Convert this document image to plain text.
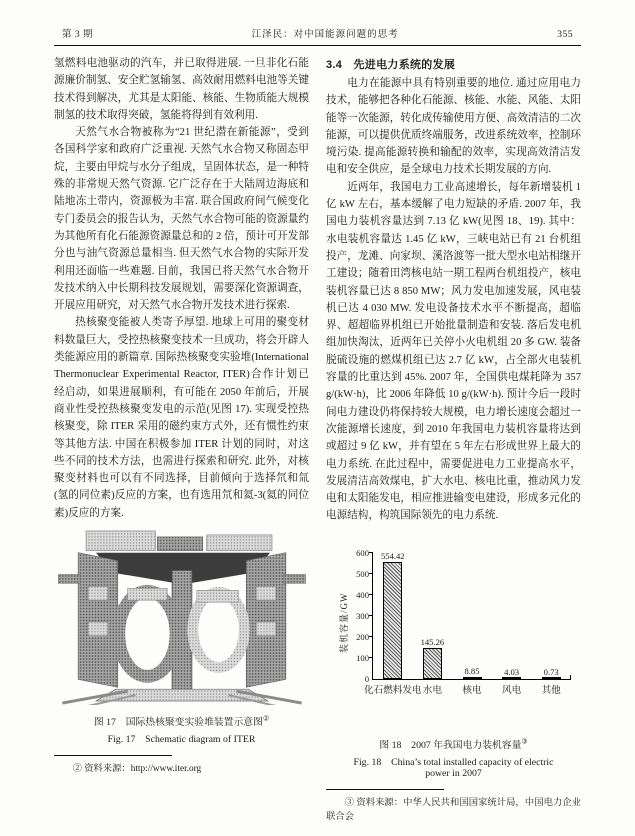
第 3 期	江泽民：对中国能源问题的思考	355

氢燃料电池驱动的汽车，并已取得进展. 一旦非化石能源廉价制氢、安全贮氢输氢、高效耐用燃料电池等关键技术得到解决，尤其是太阳能、核能、生物质能大规模制氢的技术取得突破，氢能将得到有效利用.

天然气水合物被称为“21 世纪潜在新能源”，受到各国科学家和政府广泛重视. 天然气水合物又称固态甲烷，主要由甲烷与水分子组成，呈固体状态，是一种特殊的非常规天然气资源. 它广泛存在于大陆周边海底和陆地冻土带内，资源极为丰富. 联合国政府间气候变化专门委员会的报告认为，天然气水合物可能的资源量约为其他所有化石能源资源量总和的 2 倍，预计可开发部分也与油气资源总量相当. 但天然气水合物的实际开发利用还面临一些难题. 目前，我国已将天然气水合物开发技术纳入中长期科技发展规划，需要深化资源调查，开展应用研究，对天然气水合物开发技术进行探索.

热核聚变能被人类寄予厚望. 地球上可用的聚变材料数量巨大，受控热核聚变技术一旦成功，将会开辟人类能源应用的新篇章. 国际热核聚变实验堆(International Thermonuclear Experimental Reactor, ITER)合作计划已经启动，如果进展顺利，有可能在 2050 年前后，开展商业性受控热核聚变发电的示范(见图 17). 实现受控热核聚变，除 ITER 采用的磁约束方式外，还有惯性约束等其他方法. 中国在积极参加 ITER 计划的同时，对这些不同的技术方法，也需进行探索和研究. 此外，对核聚变材料也可以有不同选择，目前倾向于选择氘和氚(氢的同位素)反应的方案，也有选用氘和氦-3(氦的同位素)反应的方案.

图 17　国际热核聚变实验堆装置示意图②
Fig. 17　Schematic diagram of ITER

② 资料来源：http://www.iter.org

3.4　先进电力系统的发展

电力在能源中具有特别重要的地位. 通过应用电力技术，能够把各种化石能源、核能、水能、风能、太阳能等一次能源，转化成传输使用方便、高效清洁的二次能源，可以提供优质终端服务，改进系统效率，控制环境污染. 提高能源转换和输配的效率，实现高效清洁发电和安全供应，是全球电力技术长期发展的方向.

近两年，我国电力工业高速增长，每年新增装机 1 亿 kW 左右，基本缓解了电力短缺的矛盾. 2007 年，我国电力装机容量达到 7.13 亿 kW(见图 18、19). 其中：水电装机容量达 1.45 亿 kW，三峡电站已有 21 台机组投产，龙滩、向家坝、溪洛渡等一批大型水电站相继开工建设；随着田湾核电站一期工程两台机组投产，核电装机容量已达 8 850 MW；风力发电加速发展，风电装机已达 4 030 MW. 发电设备技术水平不断提高，超临界、超超临界机组已开始批量制造和安装. 落后发电机组加快淘汰，近两年已关停小火电机组 20 多 GW. 装备脱硫设施的燃煤机组已达 2.7 亿 kW，占全部火电装机容量的比重达到 45%. 2007 年，全国供电煤耗降为 357 g/(kW·h)，比 2006 年降低 10 g/(kW·h). 预计今后一段时间电力建设仍将保持较大规模，电力增长速度会超过一次能源增长速度，到 2010 年我国电力装机容量将达到或超过 9 亿 kW，并有望在 5 年左右形成世界上最大的电力系统. 在此过程中，需要促进电力工业提高水平，发展清洁高效煤电，扩大水电、核电比重，推动风力发电和太阳能发电，相应推进输变电建设，形成多元化的电源结构，构筑国际领先的电力系统.

装机容量/GW
0
100
200
300
400
500
600	554.42
化石燃料发电
145.26
水电
8.85
核电
4.03
风电
0.73
其他
图 18　2007 年我国电力装机容量③
Fig. 18　China’s total installed capacity of electric
power in 2007

③ 资料来源：中华人民共和国国家统计局，中国电力企业联合会
